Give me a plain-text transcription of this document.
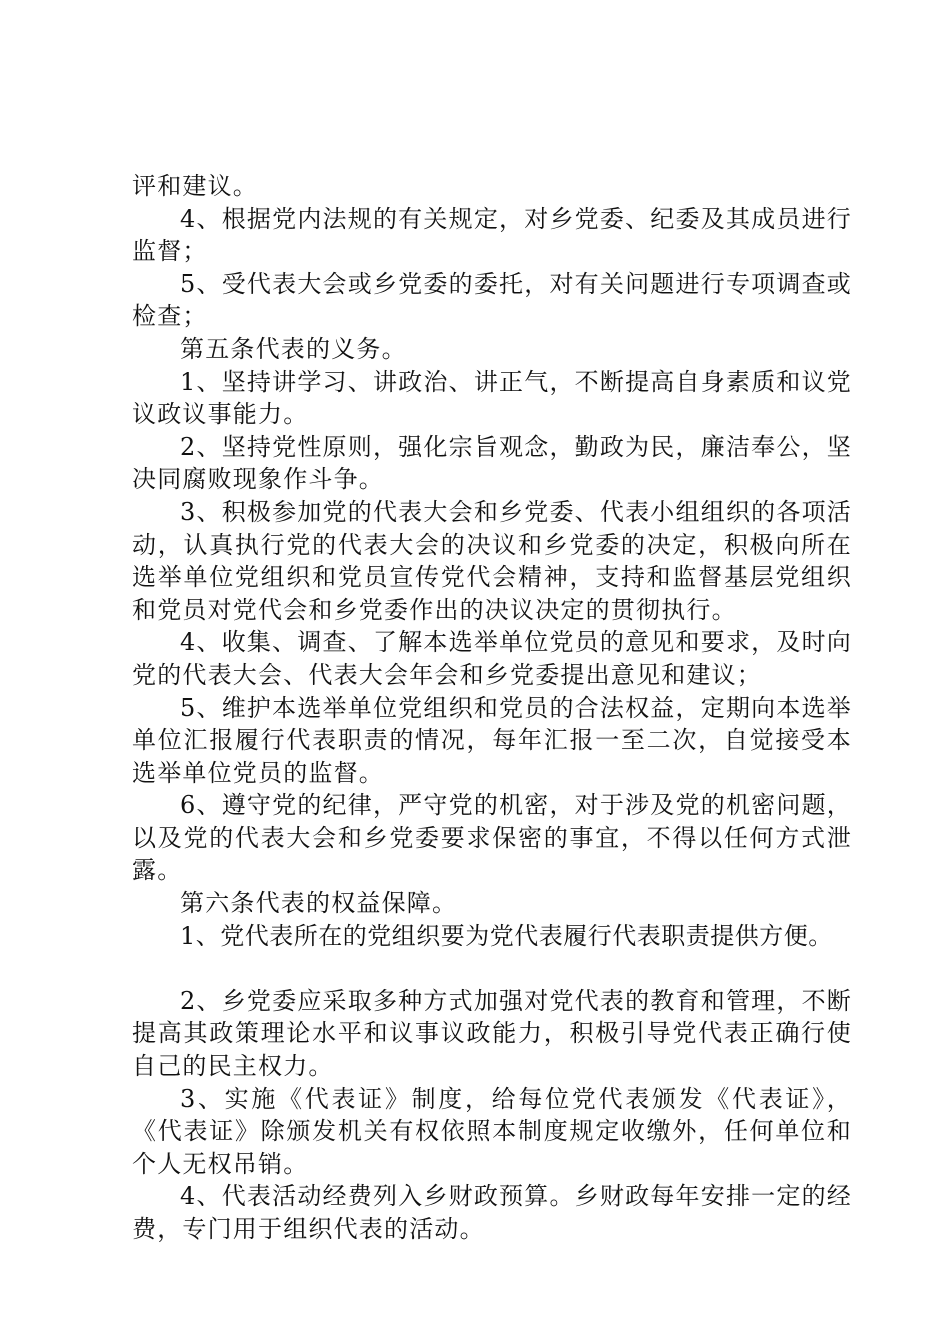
评和建议。

4、根据党内法规的有关规定，对乡党委、纪委及其成员进行监督；

5、受代表大会或乡党委的委托，对有关问题进行专项调查或检查；

第五条代表的义务。

1、坚持讲学习、讲政治、讲正气，不断提高自身素质和议党议政议事能力。

2、坚持党性原则，强化宗旨观念，勤政为民，廉洁奉公，坚决同腐败现象作斗争。

3、积极参加党的代表大会和乡党委、代表小组组织的各项活动，认真执行党的代表大会的决议和乡党委的决定，积极向所在选举单位党组织和党员宣传党代会精神，支持和监督基层党组织和党员对党代会和乡党委作出的决议决定的贯彻执行。

4、收集、调查、了解本选举单位党员的意见和要求，及时向党的代表大会、代表大会年会和乡党委提出意见和建议；

5、维护本选举单位党组织和党员的合法权益，定期向本选举单位汇报履行代表职责的情况，每年汇报一至二次，自觉接受本选举单位党员的监督。

6、遵守党的纪律，严守党的机密，对于涉及党的机密问题，以及党的代表大会和乡党委要求保密的事宜，不得以任何方式泄露。

第六条代表的权益保障。

1、党代表所在的党组织要为党代表履行代表职责提供方便。

2、乡党委应采取多种方式加强对党代表的教育和管理，不断提高其政策理论水平和议事议政能力，积极引导党代表正确行使自己的民主权力。

3、实施《代表证》制度，给每位党代表颁发《代表证》，《代表证》除颁发机关有权依照本制度规定收缴外，任何单位和个人无权吊销。

4、代表活动经费列入乡财政预算。乡财政每年安排一定的经费，专门用于组织代表的活动。
